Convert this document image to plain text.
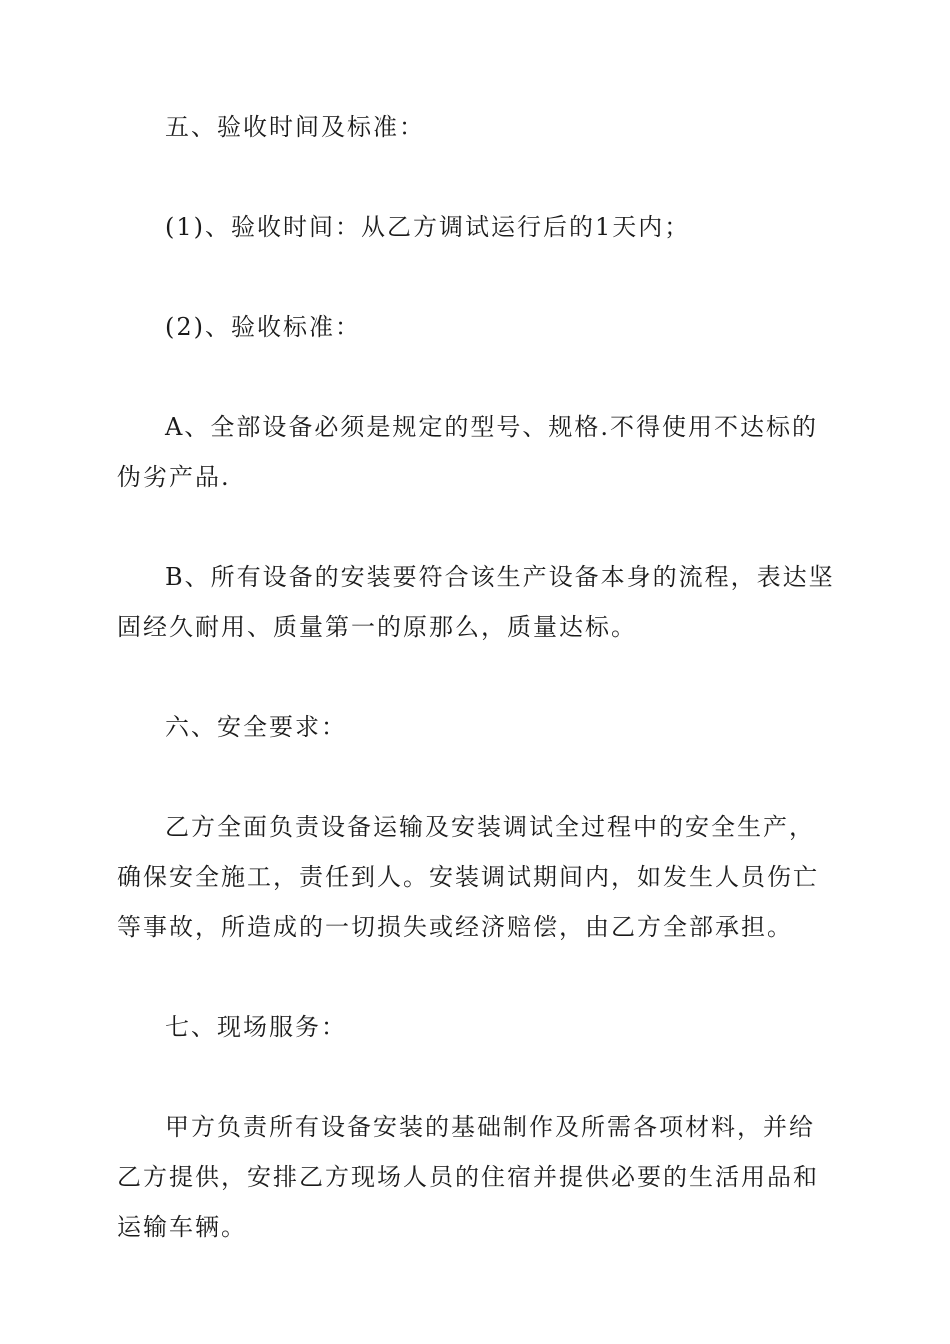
五、验收时间及标准：

(1)、验收时间：从乙方调试运行后的1天内；

(2)、验收标准：

A、全部设备必须是规定的型号、规格.不得使用不达标的伪劣产品.

B、所有设备的安装要符合该生产设备本身的流程，表达坚固经久耐用、质量第一的原那么，质量达标。

六、安全要求：

乙方全面负责设备运输及安装调试全过程中的安全生产，确保安全施工，责任到人。安装调试期间内，如发生人员伤亡等事故，所造成的一切损失或经济赔偿，由乙方全部承担。

七、现场服务：

甲方负责所有设备安装的基础制作及所需各项材料，并给乙方提供，安排乙方现场人员的住宿并提供必要的生活用品和运输车辆。
